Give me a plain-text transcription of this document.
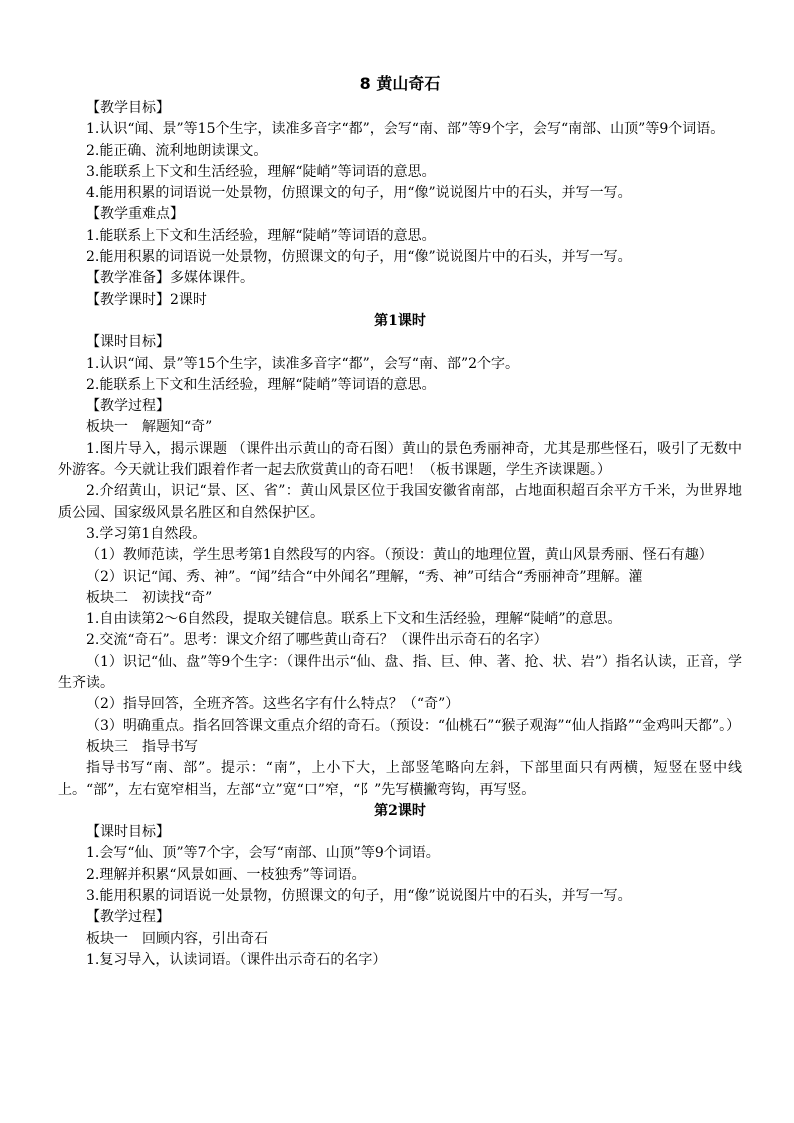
8 黄山奇石

【教学目标】

1.认识“闻、景”等15个生字，读准多音字“都”，会写“南、部”等9个字，会写“南部、山顶”等9个词语。

2.能正确、流利地朗读课文。

3.能联系上下文和生活经验，理解“陡峭”等词语的意思。

4.能用积累的词语说一处景物，仿照课文的句子，用“像”说说图片中的石头，并写一写。

【教学重难点】

1.能联系上下文和生活经验，理解“陡峭”等词语的意思。

2.能用积累的词语说一处景物，仿照课文的句子，用“像”说说图片中的石头，并写一写。

【教学准备】多媒体课件。

【教学课时】2课时

第1课时

【课时目标】

1.认识“闻、景”等15个生字，读准多音字“都”，会写“南、部”2个字。

2.能联系上下文和生活经验，理解“陡峭”等词语的意思。

【教学过程】

板块一　解题知“奇”

1.图片导入，揭示课题 （课件出示黄山的奇石图）黄山的景色秀丽神奇，尤其是那些怪石，吸引了无数中外游客。今天就让我们跟着作者一起去欣赏黄山的奇石吧！（板书课题，学生齐读课题。）

2.介绍黄山，识记“景、区、省”：黄山风景区位于我国安徽省南部，占地面积超百余平方千米，为世界地质公园、国家级风景名胜区和自然保护区。

3.学习第1自然段。

（1）教师范读，学生思考第1自然段写的内容。（预设：黄山的地理位置，黄山风景秀丽、怪石有趣）

（2）识记“闻、秀、神”。“闻”结合“中外闻名”理解，“秀、神”可结合“秀丽神奇”理解。灌

板块二　初读找“奇”

1.自由读第2～6自然段，提取关键信息。联系上下文和生活经验，理解“陡峭”的意思。

2.交流“奇石”。思考：课文介绍了哪些黄山奇石？（课件出示奇石的名字）

（1）识记“仙、盘”等9个生字：（课件出示“仙、盘、指、巨、伸、著、抢、状、岩”）指名认读，正音，学生齐读。

（2）指导回答，全班齐答。这些名字有什么特点？（“奇”）

（3）明确重点。指名回答课文重点介绍的奇石。（预设：“仙桃石”“猴子观海”“仙人指路”“金鸡叫天都”。）

板块三　指导书写

指导书写“南、部”。提示：“南”，上小下大，上部竖笔略向左斜，下部里面只有两横，短竖在竖中线上。“部”，左右宽窄相当，左部“立”宽“口”窄，“阝”先写横撇弯钩，再写竖。

第2课时

【课时目标】

1.会写“仙、顶”等7个字，会写“南部、山顶”等9个词语。

2.理解并积累“风景如画、一枝独秀”等词语。

3.能用积累的词语说一处景物，仿照课文的句子，用“像”说说图片中的石头，并写一写。

【教学过程】

板块一　回顾内容，引出奇石

1.复习导入，认读词语。（课件出示奇石的名字）
